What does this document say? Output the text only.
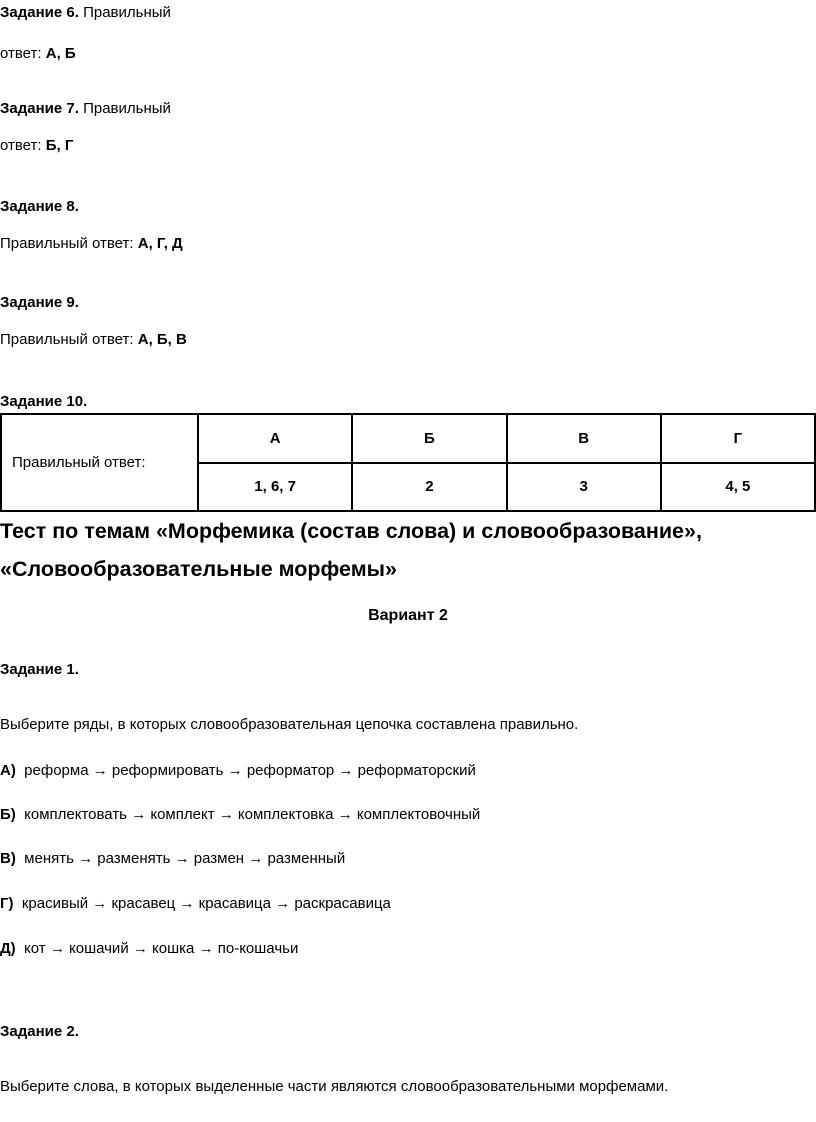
Задание 6. Правильный
ответ: А, Б
Задание 7. Правильный
ответ: Б, Г
Задание 8.
Правильный ответ: А, Г, Д
Задание 9.
Правильный ответ: А, Б, В
Задание 10.
Правильный ответ:	А	Б	В	Г
	1, 6, 7	2	3	4, 5
Тест по темам «Морфемика (состав слова) и словообразование»,
«Словообразовательные морфемы»
Вариант 2
Задание 1.
Выберите ряды, в которых словообразовательная цепочка составлена правильно.
А) реформа → реформировать → реформатор → реформаторский
Б) комплектовать → комплект → комплектовка → комплектовочный
В) менять → разменять → размен → разменный
Г) красивый → красавец → красавица → раскрасавица
Д) кот → кошачий → кошка → по-кошачьи
Задание 2.
Выберите слова, в которых выделенные части являются словообразовательными морфемами.
